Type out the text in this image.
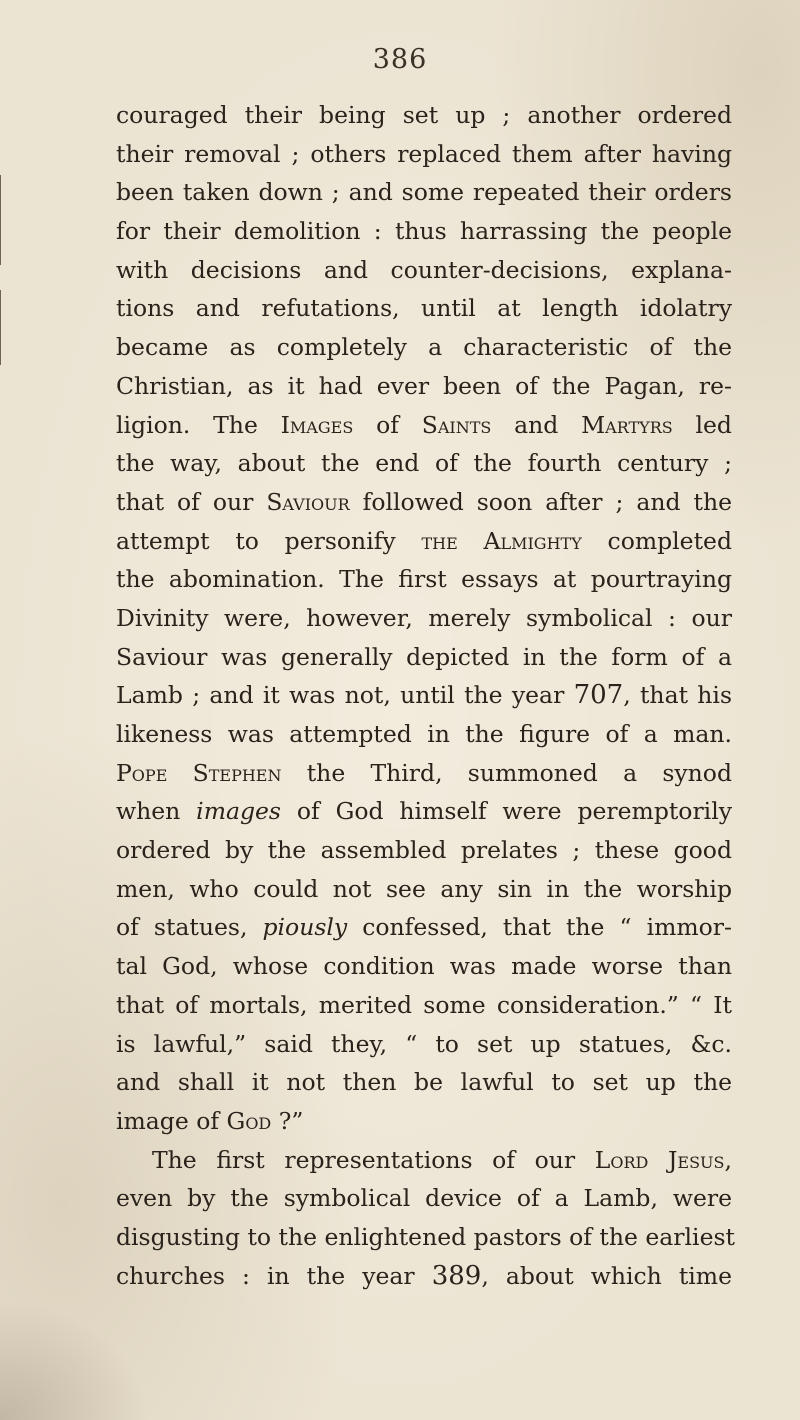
386
couraged their being set up ; another ordered
their removal ; others replaced them after having
been taken down ; and some repeated their orders
for their demolition : thus harrassing the people
with decisions and counter-decisions, explana-
tions and refutations, until at length idolatry
became as completely a characteristic of the
Christian, as it had ever been of the Pagan, re-
ligion. The Images of Saints and Martyrs led
the way, about the end of the fourth century ;
that of our Saviour followed soon after ; and the
attempt to personify the Almighty completed
the abomination. The first essays at pourtraying
Divinity were, however, merely symbolical : our
Saviour was generally depicted in the form of a
Lamb ; and it was not, until the year 707, that his
likeness was attempted in the figure of a man.
Pope Stephen the Third, summoned a synod
when images of God himself were peremptorily
ordered by the assembled prelates ; these good
men, who could not see any sin in the worship
of statues, piously confessed, that the “ immor-
tal God, whose condition was made worse than
that of mortals, merited some consideration.” “ It
is lawful,” said they, “ to set up statues, &c.
and shall it not then be lawful to set up the
image of God ?”
The first representations of our Lord Jesus,
even by the symbolical device of a Lamb, were
disgusting to the enlightened pastors of the earliest
churches : in the year 389, about which time
